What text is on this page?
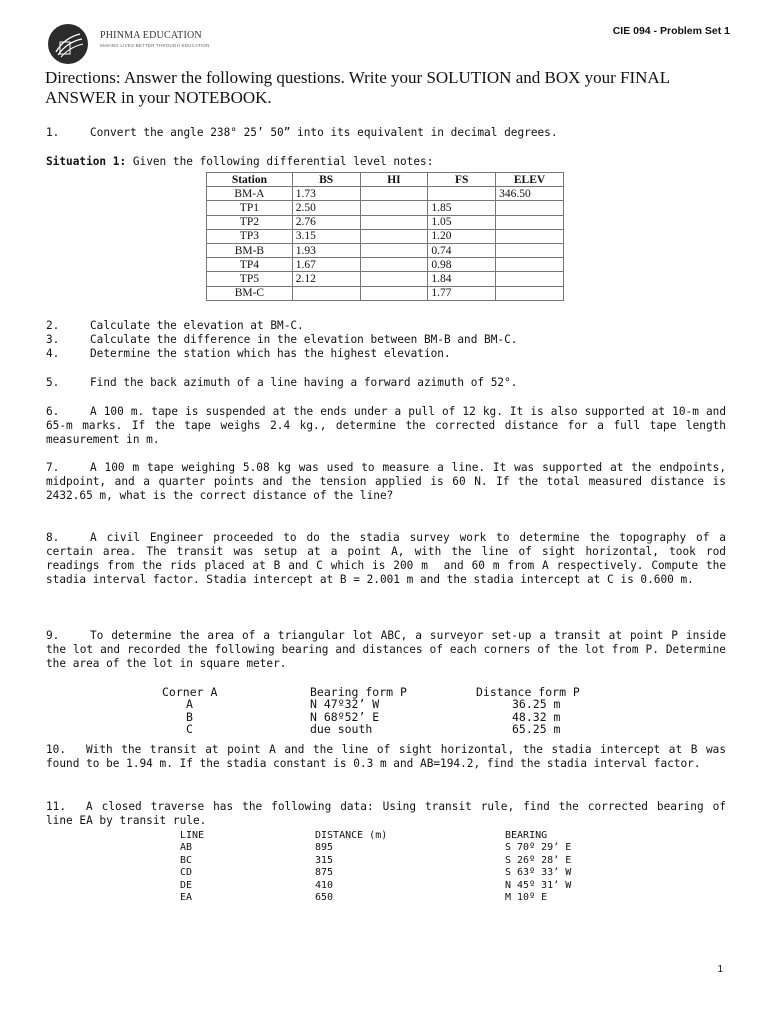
PHINMA EDUCATION
MAKING LIVES BETTER THROUGH EDUCATION
CIE 094 - Problem Set 1
Directions: Answer the following questions. Write your SOLUTION and BOX your FINAL ANSWER in your NOTEBOOK.
1.	Convert the angle 238° 25’ 50” into its equivalent in decimal degrees.
Situation 1: Given the following differential level notes:
Station	BS	HI	FS	ELEV
BM-A	1.73			346.50
TP1	2.50		1.85	
TP2	2.76		1.05	
TP3	3.15		1.20	
BM-B	1.93		0.74	
TP4	1.67		0.98	
TP5	2.12		1.84	
BM-C			1.77	
2.	Calculate the elevation at BM-C.
3.	Calculate the difference in the elevation between BM-B and BM-C.
4.	Determine the station which has the highest elevation.
5.	Find the back azimuth of a line having a forward azimuth of 52°.
6.	A 100 m. tape is suspended at the ends under a pull of 12 kg. It is also supported at 10-m and 65-m marks. If the tape weighs 2.4 kg., determine the corrected distance for a full tape length measurement in m.
7.	A 100 m tape weighing 5.08 kg was used to measure a line. It was supported at the endpoints, midpoint, and a quarter points and the tension applied is 60 N. If the total measured distance is 2432.65 m, what is the correct distance of the line?
8.	A civil Engineer proceeded to do the stadia survey work to determine the topography of a certain area. The transit was setup at a point A, with the line of sight horizontal, took rod readings from the rids placed at B and C which is 200 m  and 60 m from A respectively. Compute the stadia interval factor. Stadia intercept at B = 2.001 m and the stadia intercept at C is 0.600 m.
9.	To determine the area of a triangular lot ABC, a surveyor set-up a transit at point P inside the lot and recorded the following bearing and distances of each corners of the lot from P. Determine the area of the lot in square meter.
Corner A	Bearing form P	Distance form P
A	N 47º32’ W	36.25 m
B	N 68º52’ E	48.32 m
C	due south	65.25 m
10. With the transit at point A and the line of sight horizontal, the stadia intercept at B was found to be 1.94 m. If the stadia constant is 0.3 m and AB=194.2, find the stadia interval factor.
11. A closed traverse has the following data: Using transit rule, find the corrected bearing of line EA by transit rule.
LINE	DISTANCE (m)	BEARING
AB	895	S 70º 29’ E
BC	315	S 26º 28’ E
CD	875	S 63º 33’ W
DE	410	N 45º 31’ W
EA	650	M 10º E
1
